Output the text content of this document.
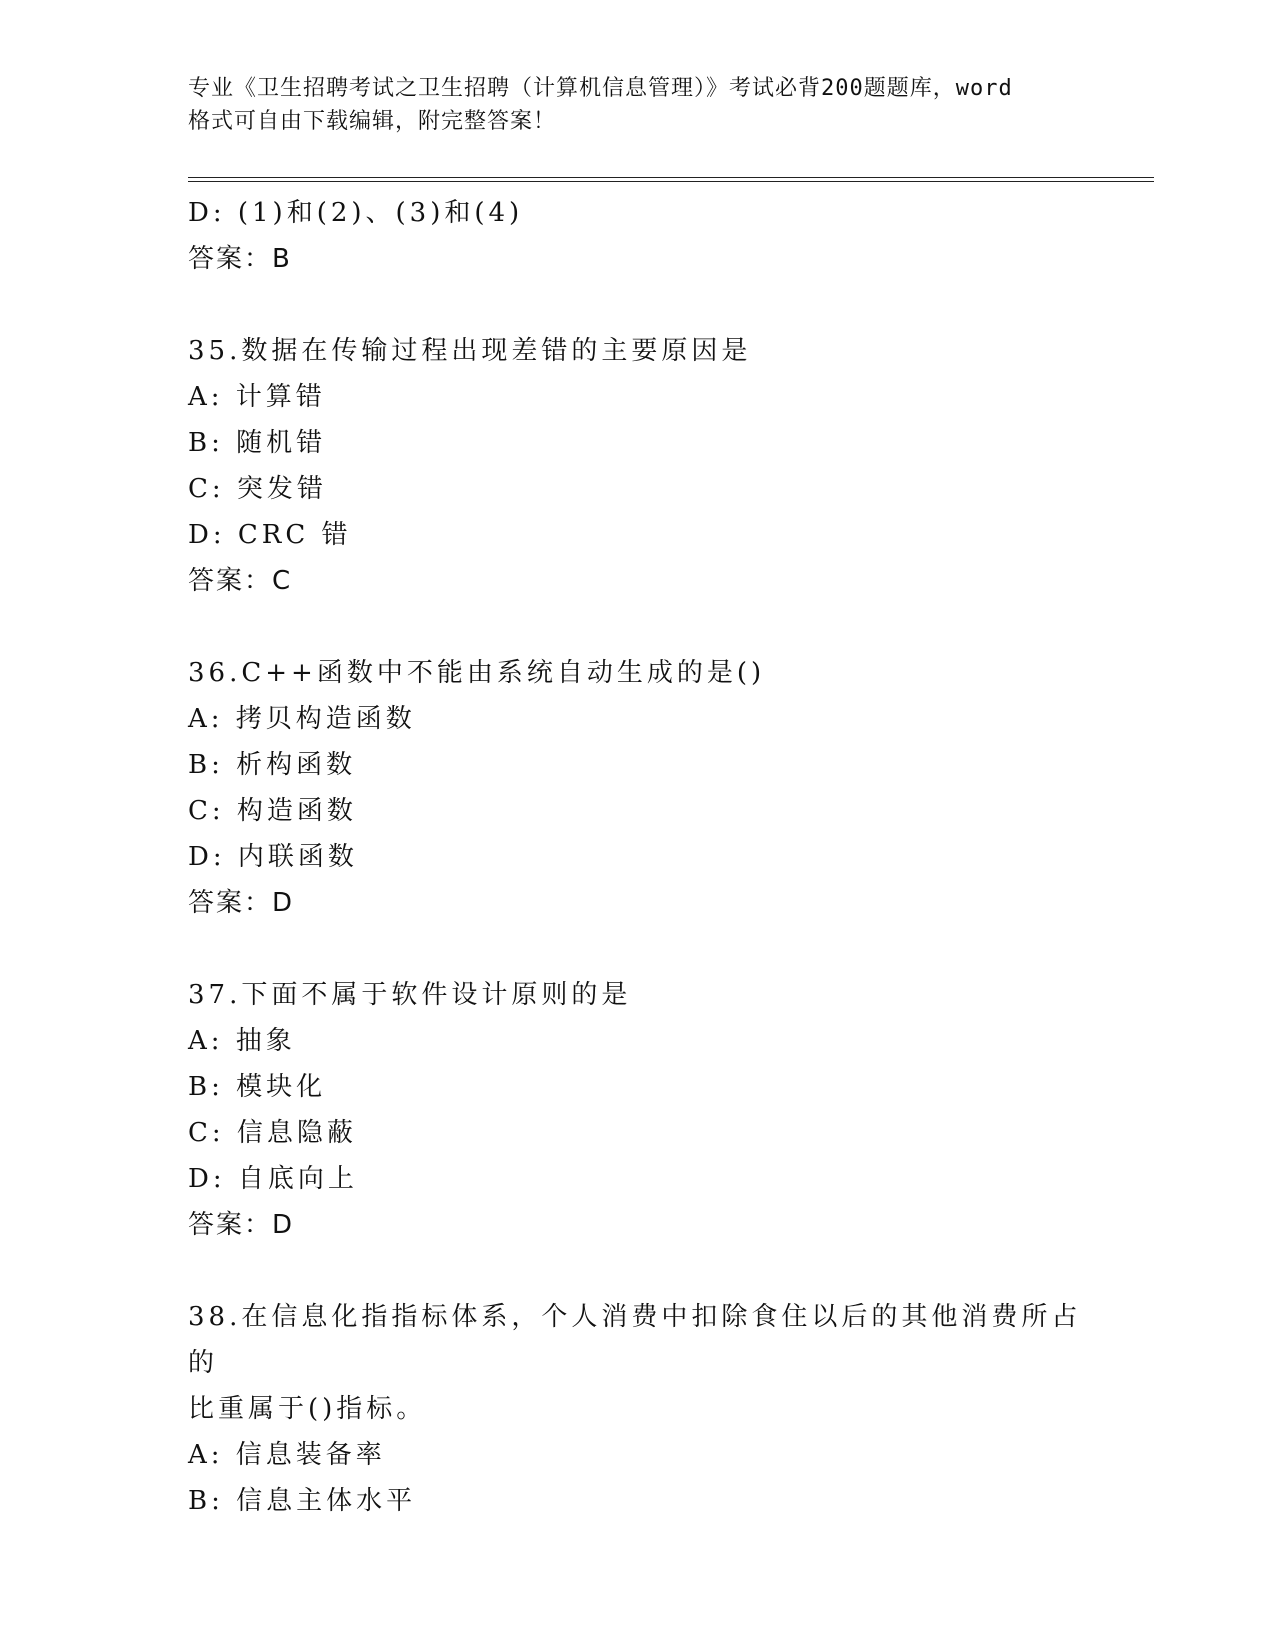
专业《卫生招聘考试之卫生招聘（计算机信息管理）》考试必背200题题库，word
格式可自由下载编辑，附完整答案！
D: (1)和(2)、(3)和(4)
答案：B
35.数据在传输过程出现差错的主要原因是
A: 计算错
B: 随机错
C: 突发错
D: CRC 错
答案：C
36.C++函数中不能由系统自动生成的是()
A: 拷贝构造函数
B: 析构函数
C: 构造函数
D: 内联函数
答案：D
37.下面不属于软件设计原则的是
A: 抽象
B: 模块化
C: 信息隐蔽
D: 自底向上
答案：D
38.在信息化指指标体系，个人消费中扣除食住以后的其他消费所占的
比重属于()指标。
A: 信息装备率
B: 信息主体水平
